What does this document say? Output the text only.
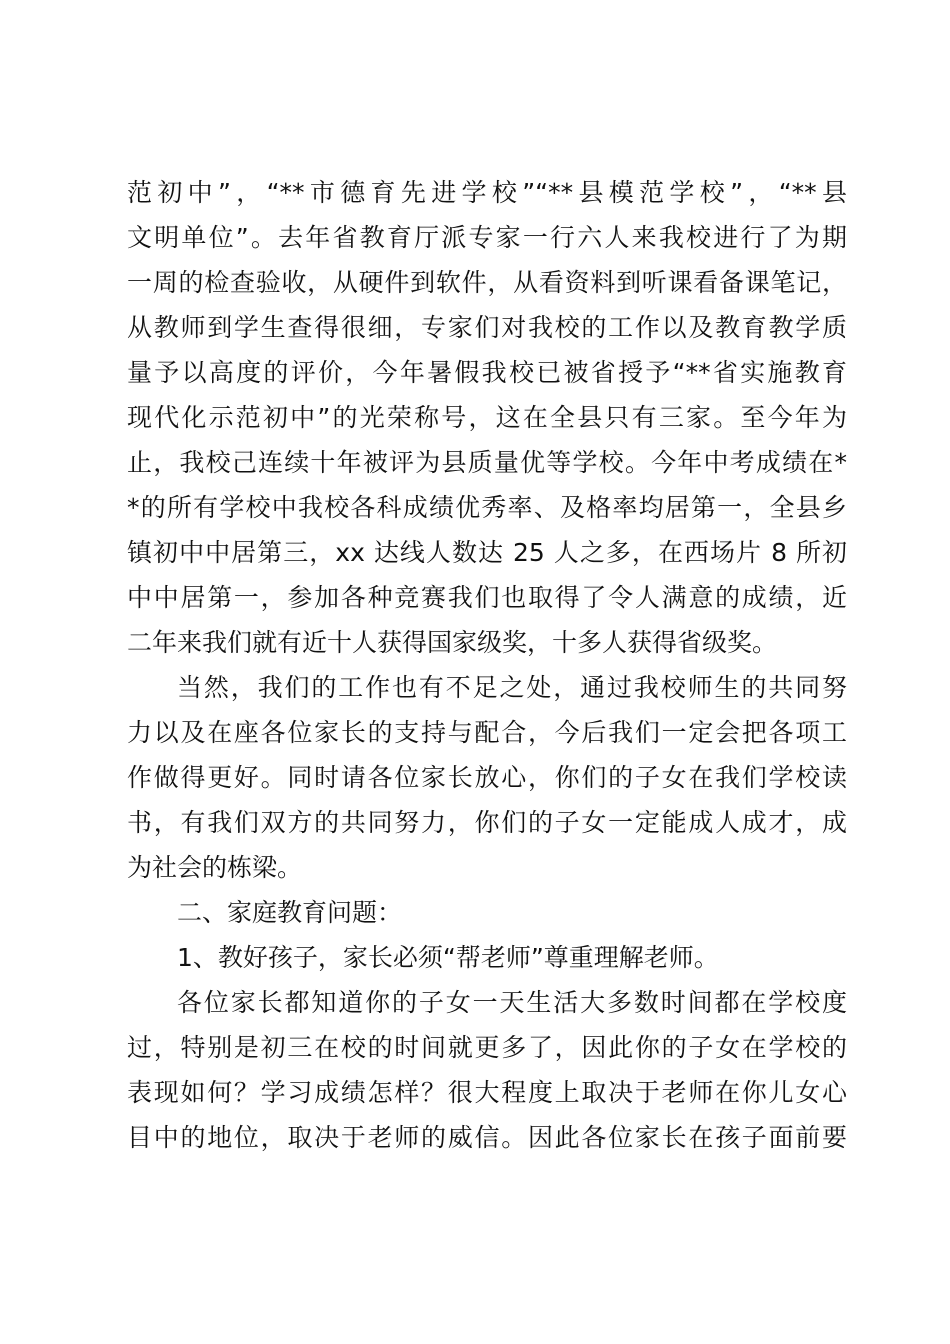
范初中”，“**市德育先进学校”“**县模范学校”，“**县
文明单位”。去年省教育厅派专家一行六人来我校进行了为期
一周的检查验收，从硬件到软件，从看资料到听课看备课笔记，
从教师到学生查得很细，专家们对我校的工作以及教育教学质
量予以高度的评价，今年暑假我校已被省授予“**省实施教育
现代化示范初中”的光荣称号，这在全县只有三家。至今年为
止，我校己连续十年被评为县质量优等学校。今年中考成绩在*
*的所有学校中我校各科成绩优秀率、及格率均居第一，全县乡
镇初中中居第三，xx 达线人数达 25 人之多，在西场片 8 所初
中中居第一，参加各种竞赛我们也取得了令人满意的成绩，近
二年来我们就有近十人获得国家级奖，十多人获得省级奖。
当然，我们的工作也有不足之处，通过我校师生的共同努
力以及在座各位家长的支持与配合，今后我们一定会把各项工
作做得更好。同时请各位家长放心，你们的子女在我们学校读
书，有我们双方的共同努力，你们的子女一定能成人成才，成
为社会的栋梁。
二、家庭教育问题：
1、教好孩子，家长必须“帮老师”尊重理解老师。
各位家长都知道你的子女一天生活大多数时间都在学校度
过，特别是初三在校的时间就更多了，因此你的子女在学校的
表现如何？学习成绩怎样？很大程度上取决于老师在你儿女心
目中的地位，取决于老师的威信。因此各位家长在孩子面前要
